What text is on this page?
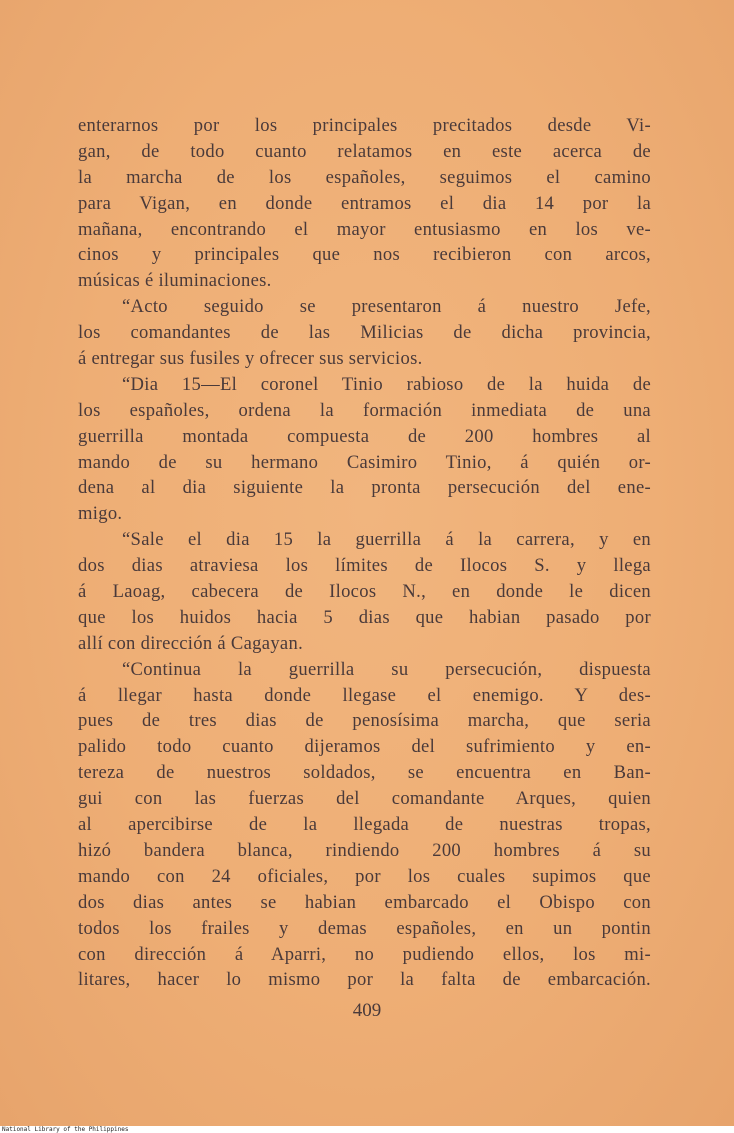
enterarnos por los principales precitados desde Vi-
gan, de todo cuanto relatamos en este acerca de
la marcha de los españoles, seguimos el camino
para Vigan, en donde entramos el dia 14 por la
mañana, encontrando el mayor entusiasmo en los ve-
cinos y principales que nos recibieron con arcos,
músicas é iluminaciones.
“Acto seguido se presentaron á nuestro Jefe,
los comandantes de las Milicias de dicha provincia,
á entregar sus fusiles y ofrecer sus servicios.
“Dia 15—El coronel Tinio rabioso de la huida de
los españoles, ordena la formación inmediata de una
guerrilla montada compuesta de 200 hombres al
mando de su hermano Casimiro Tinio, á quién or-
dena al dia siguiente la pronta persecución del ene-
migo.
“Sale el dia 15 la guerrilla á la carrera, y en
dos dias atraviesa los límites de Ilocos S. y llega
á Laoag, cabecera de Ilocos N., en donde le dicen
que los huidos hacia 5 dias que habian pasado por
allí con dirección á Cagayan.
“Continua la guerrilla su persecución, dispuesta
á llegar hasta donde llegase el enemigo. Y des-
pues de tres dias de penosísima marcha, que seria
palido todo cuanto dijeramos del sufrimiento y en-
tereza de nuestros soldados, se encuentra en Ban-
gui con las fuerzas del comandante Arques, quien
al apercibirse de la llegada de nuestras tropas,
hizó bandera blanca, rindiendo 200 hombres á su
mando con 24 oficiales, por los cuales supimos que
dos dias antes se habian embarcado el Obispo con
todos los frailes y demas españoles, en un pontin
con dirección á Aparri, no pudiendo ellos, los mi-
litares, hacer lo mismo por la falta de embarcación.
409
National Library of the Philippines
